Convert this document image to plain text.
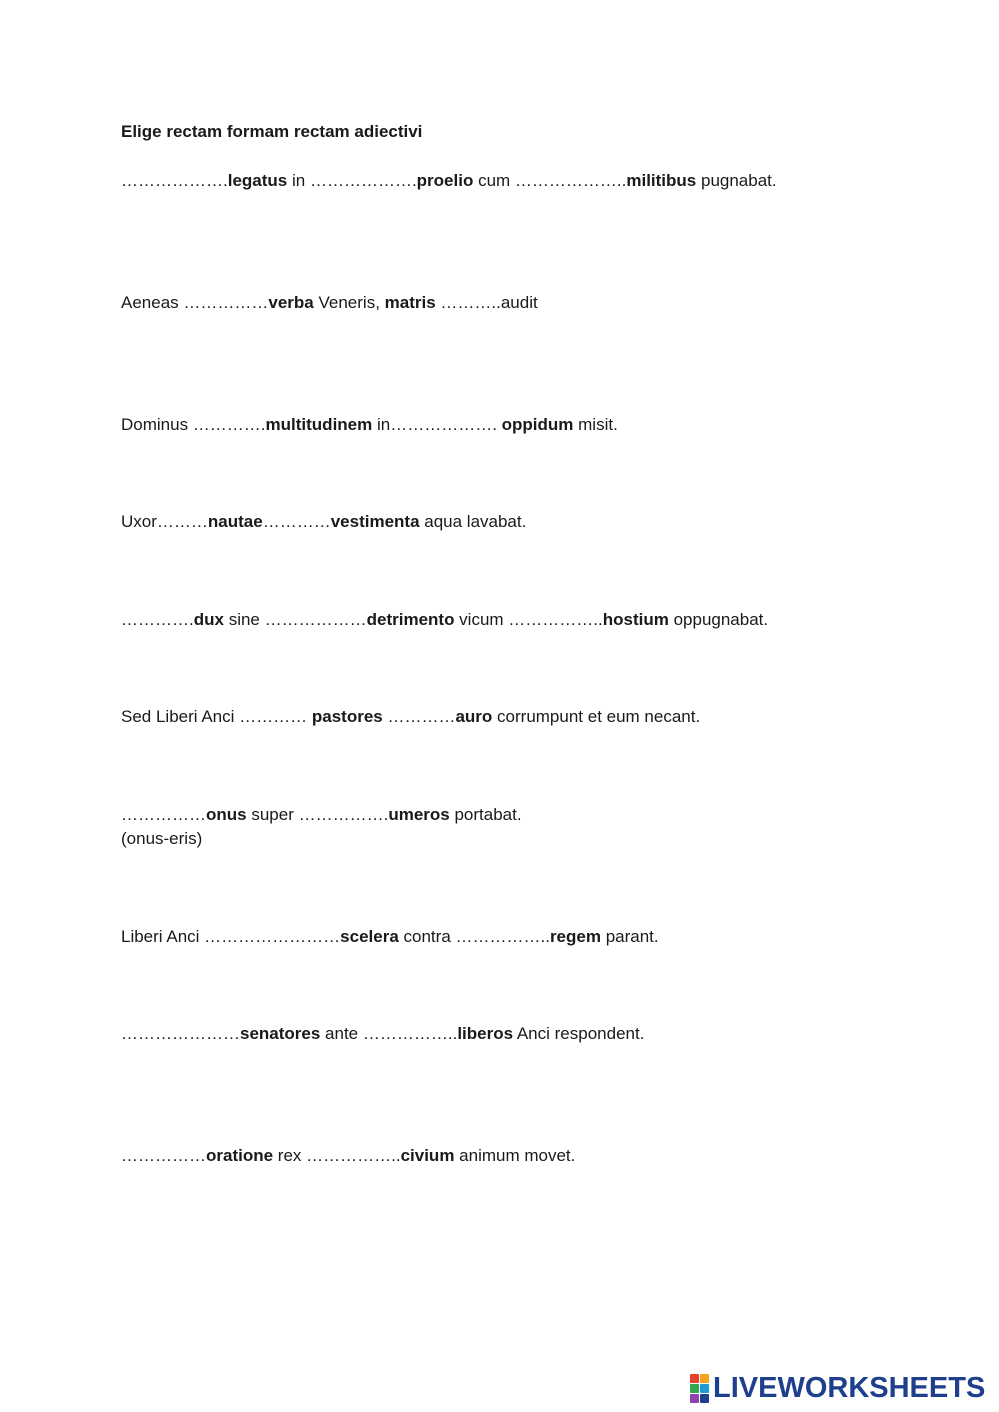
Elige rectam formam rectam adiectivi
……………….legatus in ……………….proelio cum ………………..militibus pugnabat.
Aeneas ……………verba Veneris, matris ………..audit
Dominus ………….multitudinem in………………. oppidum misit.
Uxor………nautae…………vestimenta aqua lavabat.
………….dux sine ………………detrimento vicum ……………..hostium oppugnabat.
Sed Liberi Anci ………… pastores …………auro corrumpunt et eum necant.
……………onus super …………….umeros portabat.
(onus-eris)
Liberi Anci ……………………scelera contra ……………..regem parant.
…………………senatores ante ……………..liberos Anci respondent.
……………oratione rex ……………..civium animum movet.
LIVEWORKSHEETS
